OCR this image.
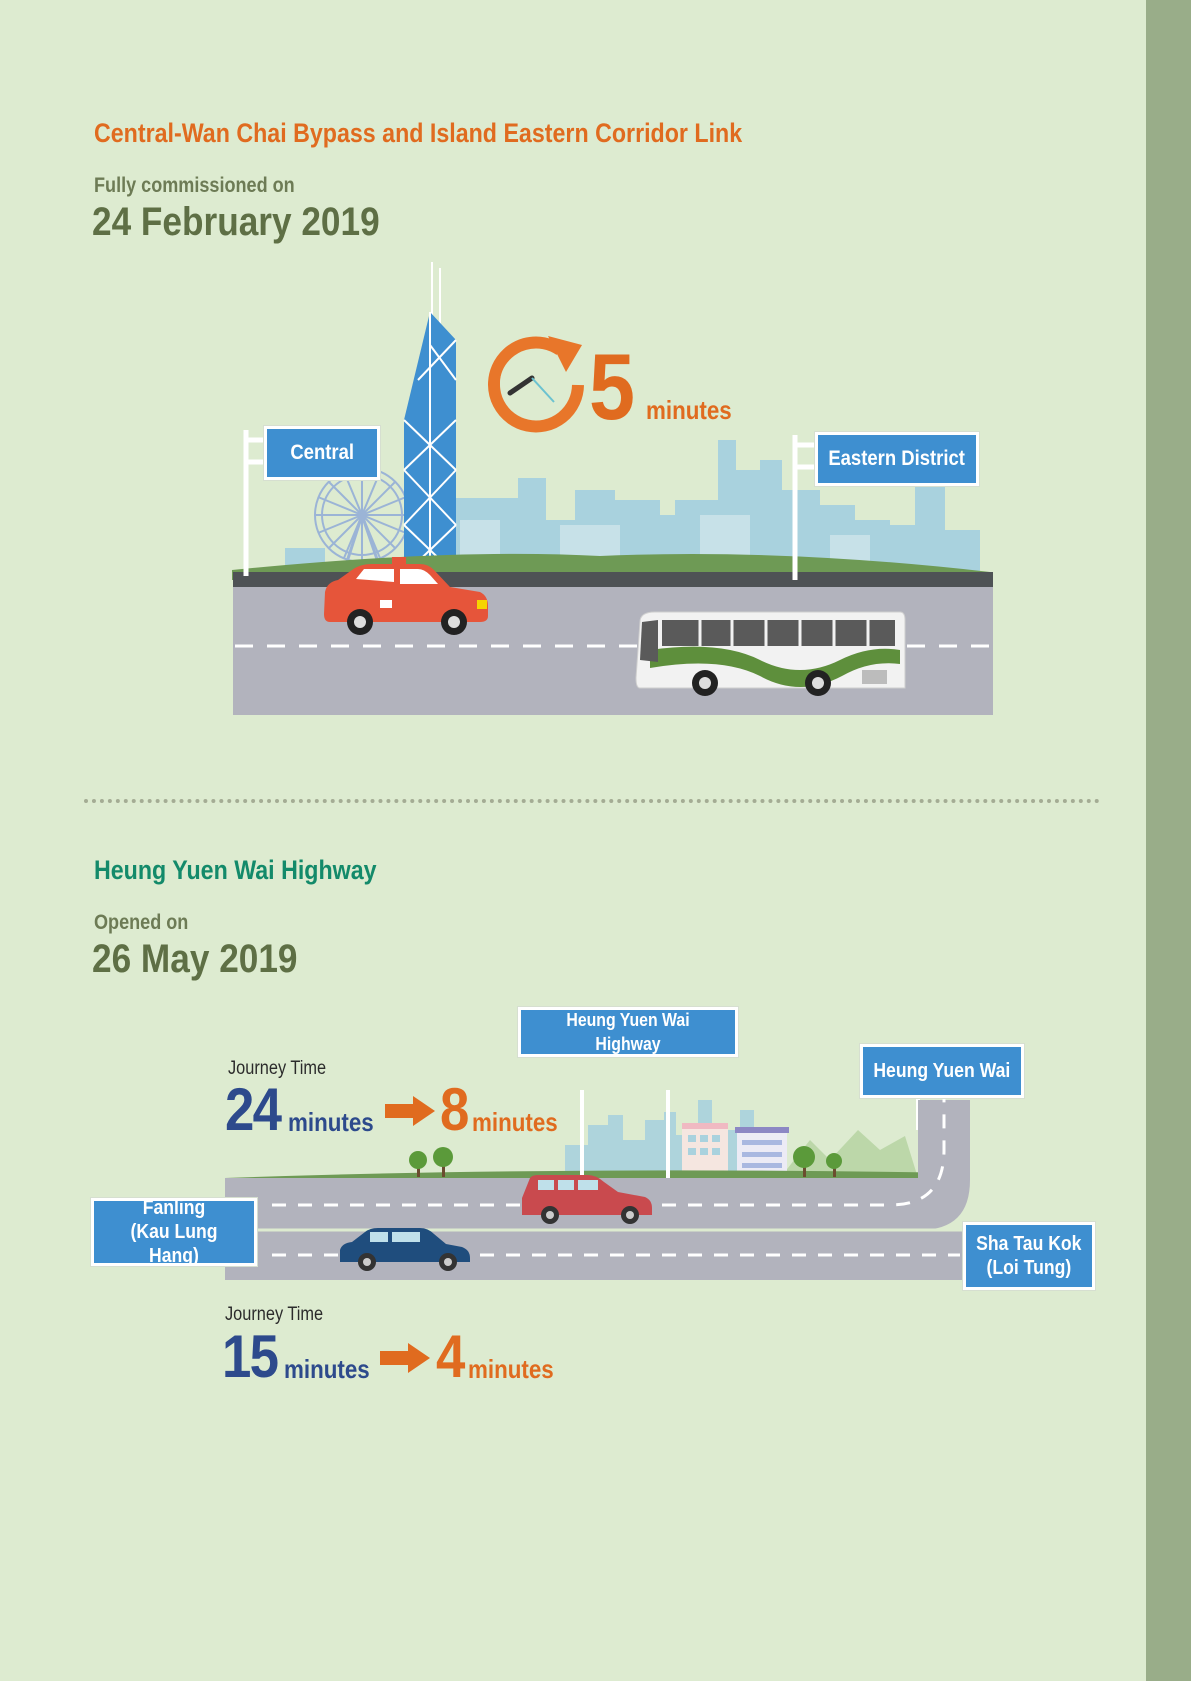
Central-Wan Chai Bypass and Island Eastern Corridor Link
Fully commissioned on
24 February 2019
Central	Eastern District
5 minutes
Heung Yuen Wai Highway
Opened on
26 May 2019
Heung Yuen Wai Highway
Heung Yuen Wai
Fanling
(Kau Lung Hang)
Sha Tau Kok
(Loi Tung)
Journey Time
24 minutes 8 minutes
Journey Time
15 minutes 4 minutes
